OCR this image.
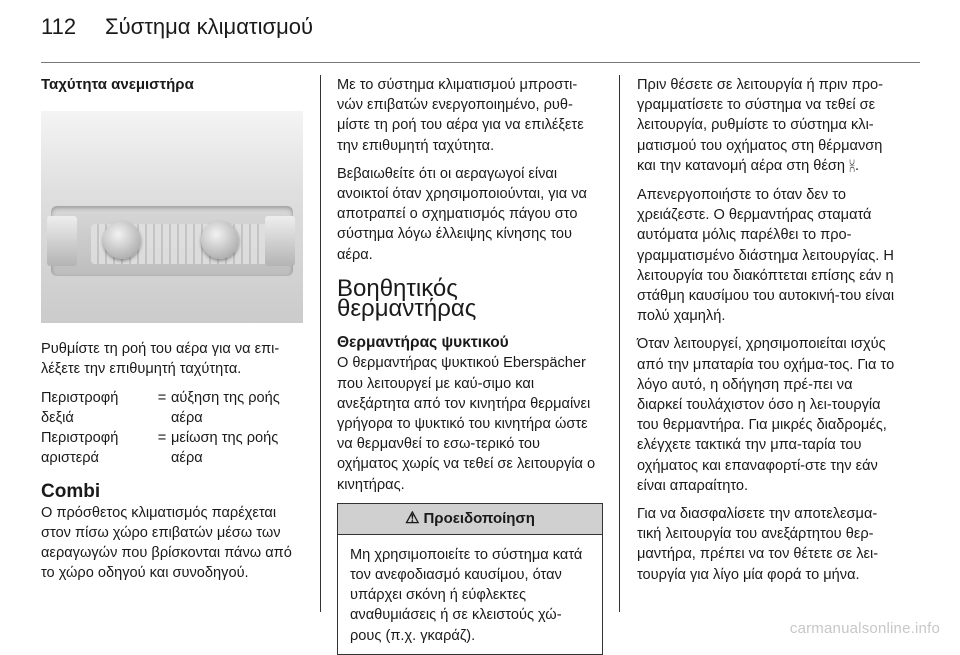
112 Σύστημα κλιματισμού
Ταχύτητα ανεμιστήρα

Ρυθμίστε τη ροή του αέρα για να επι-λέξετε την επιθυμητή ταχύτητα.

Περιστροφή δεξιά	=	αύξηση της ροής αέρα
Περιστροφή αριστερά	=	μείωση της ροής αέρα
Combi

Ο πρόσθετος κλιματισμός παρέχεται στον πίσω χώρο επιβατών μέσω των αεραγωγών που βρίσκονται πάνω από το χώρο οδηγού και συνοδηγού.

Με το σύστημα κλιματισμού μπροστι-νών επιβατών ενεργοποιημένο, ρυθ-μίστε τη ροή του αέρα για να επιλέξετε την επιθυμητή ταχύτητα.

Βεβαιωθείτε ότι οι αεραγωγοί είναι ανοικτοί όταν χρησιμοποιούνται, για να αποτραπεί ο σχηματισμός πάγου στο σύστημα λόγω έλλειψης κίνησης του αέρα.

Βοηθητικός θερμαντήρας
Θερμαντήρας ψυκτικού

Ο θερμαντήρας ψυκτικού Eberspächer που λειτουργεί με καύ-σιμο και ανεξάρτητα από τον κινητήρα θερμαίνει γρήγορα το ψυκτικό του κινητήρα ώστε να θερμανθεί το εσω-τερικό του οχήματος χωρίς να τεθεί σε λειτουργία ο κινητήρας.

⚠ Προειδοποίηση
Μη χρησιμοποιείτε το σύστημα κατά τον ανεφοδιασμό καυσίμου, όταν υπάρχει σκόνη ή εύφλεκτες αναθυμιάσεις ή σε κλειστούς χώ-ρους (π.χ. γκαράζ).

Πριν θέσετε σε λειτουργία ή πριν προ-γραμματίσετε το σύστημα να τεθεί σε λειτουργία, ρυθμίστε το σύστημα κλι-ματισμού του οχήματος στη θέρμανση και την κατανομή αέρα στη θέση ⩈.

Απενεργοποιήστε το όταν δεν το χρειάζεστε. Ο θερμαντήρας σταματά αυτόματα μόλις παρέλθει το προ-γραμματισμένο διάστημα λειτουργίας. Η λειτουργία του διακόπτεται επίσης εάν η στάθμη καυσίμου του αυτοκινή-του είναι πολύ χαμηλή.

Όταν λειτουργεί, χρησιμοποιείται ισχύς από την μπαταρία του οχήμα-τος. Για το λόγο αυτό, η οδήγηση πρέ-πει να διαρκεί τουλάχιστον όσο η λει-τουργία του θερμαντήρα. Για μικρές διαδρομές, ελέγχετε τακτικά την μπα-ταρία του οχήματος και επαναφορτί-στε την εάν είναι απαραίτητο.

Για να διασφαλίσετε την αποτελεσμα-τική λειτουργία του ανεξάρτητου θερ-μαντήρα, πρέπει να τον θέτετε σε λει-τουργία για λίγο μία φορά το μήνα.

carmanualsonline.info
